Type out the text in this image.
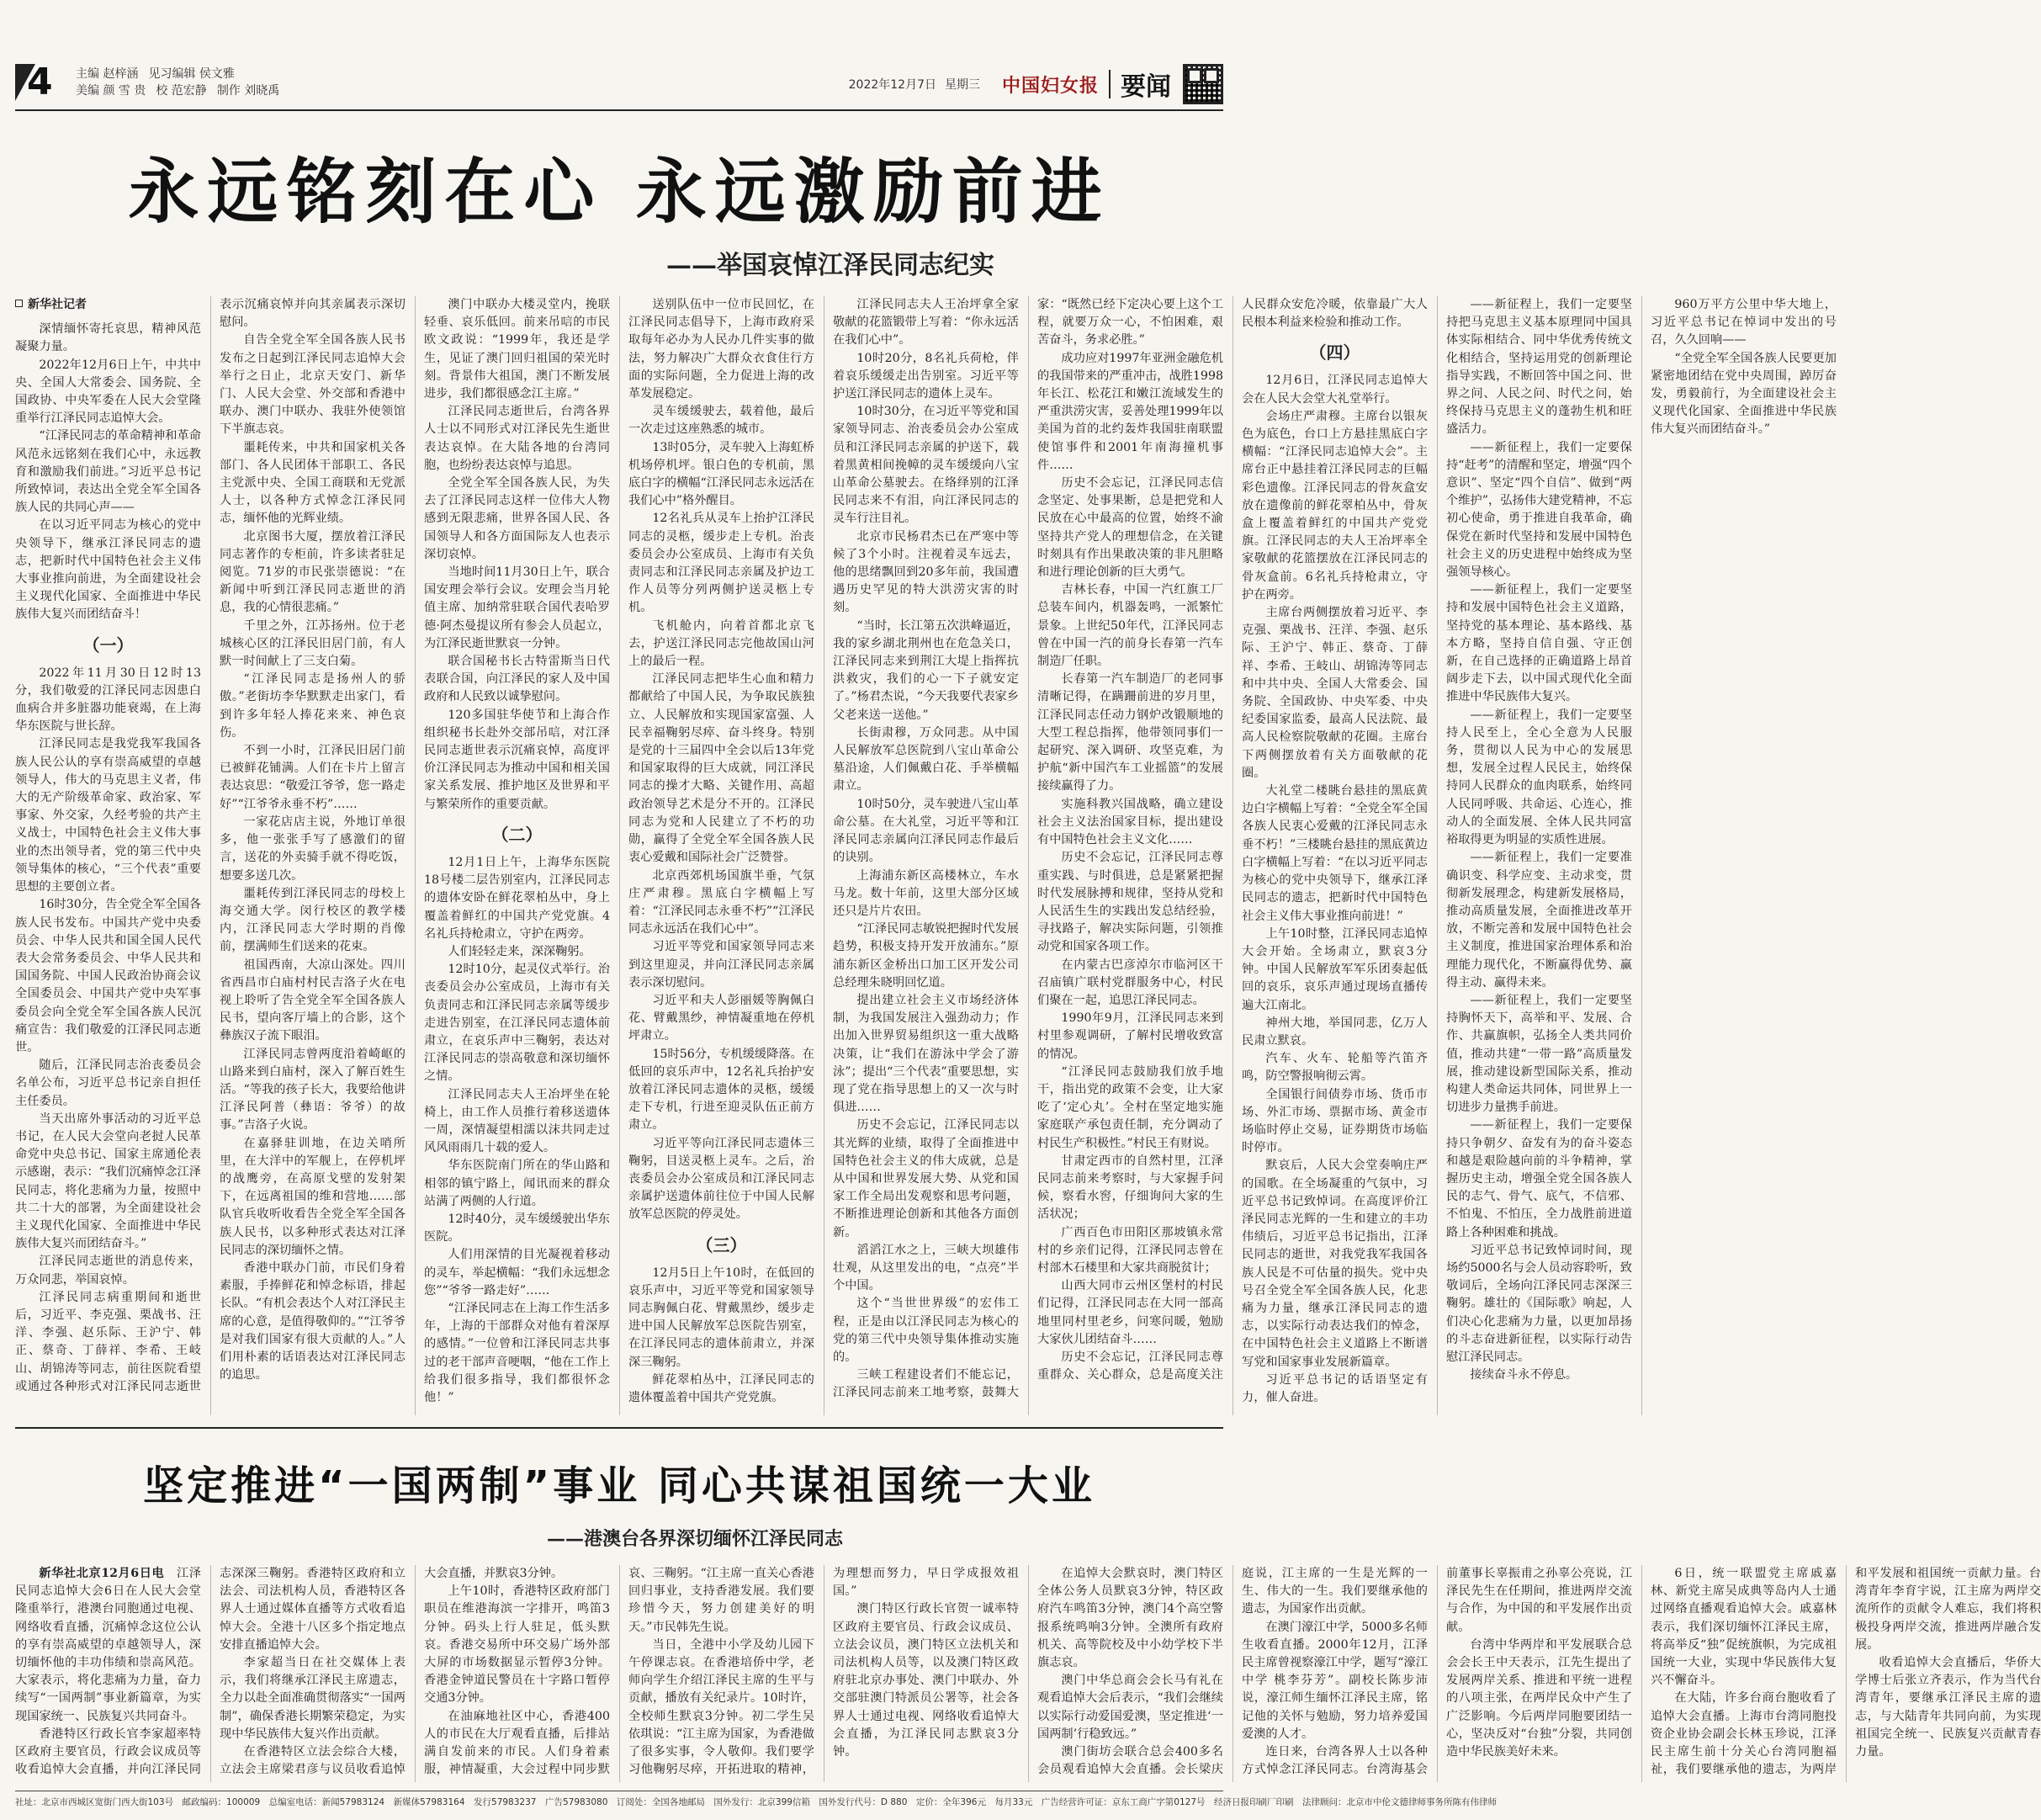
4 主编 赵梓涵 见习编辑 侯文雅
美编 颜 雪 贵 校 范宏静 制作 刘晓禹	2022年12月7日 星期三 中国妇女报 要闻
永远铭刻在心 永远激励前进
——举国哀悼江泽民同志纪实
新华社记者

深情缅怀寄托哀思，精神风范凝聚力量。

2022年12月6日上午，中共中央、全国人大常委会、国务院、全国政协、中央军委在人民大会堂隆重举行江泽民同志追悼大会。

“江泽民同志的革命精神和革命风范永远铭刻在我们心中，永远教育和激励我们前进。”习近平总书记所致悼词，表达出全党全军全国各族人民的共同心声——

在以习近平同志为核心的党中央领导下，继承江泽民同志的遗志，把新时代中国特色社会主义伟大事业推向前进，为全面建设社会主义现代化国家、全面推进中华民族伟大复兴而团结奋斗！

（一）

2022年11月30日12时13分，我们敬爱的江泽民同志因患白血病合并多脏器功能衰竭，在上海华东医院与世长辞。

江泽民同志是我党我军我国各族人民公认的享有崇高威望的卓越领导人，伟大的马克思主义者，伟大的无产阶级革命家、政治家、军事家、外交家，久经考验的共产主义战士，中国特色社会主义伟大事业的杰出领导者，党的第三代中央领导集体的核心，“三个代表”重要思想的主要创立者。

16时30分，告全党全军全国各族人民书发布。中国共产党中央委员会、中华人民共和国全国人民代表大会常务委员会、中华人民共和国国务院、中国人民政治协商会议全国委员会、中国共产党中央军事委员会向全党全军全国各族人民沉痛宣告：我们敬爱的江泽民同志逝世。

随后，江泽民同志治丧委员会名单公布，习近平总书记亲自担任主任委员。

当天出席外事活动的习近平总书记，在人民大会堂向老挝人民革命党中央总书记、国家主席通伦表示感谢，表示：“我们沉痛悼念江泽民同志，将化悲痛为力量，按照中共二十大的部署，为全面建设社会主义现代化国家、全面推进中华民族伟大复兴而团结奋斗。”

江泽民同志逝世的消息传来，万众同悲，举国哀悼。

江泽民同志病重期间和逝世后，习近平、李克强、栗战书、汪洋、李强、赵乐际、王沪宁、韩正、蔡奇、丁薛祥、李希、王岐山、胡锦涛等同志，前往医院看望或通过各种形式对江泽民同志逝世表示沉痛哀悼并向其亲属表示深切慰问。

自告全党全军全国各族人民书发布之日起到江泽民同志追悼大会举行之日止，北京天安门、新华门、人民大会堂、外交部和香港中联办、澳门中联办、我驻外使领馆下半旗志哀。

噩耗传来，中共和国家机关各部门、各人民团体干部职工、各民主党派中央、全国工商联和无党派人士，以各种方式悼念江泽民同志，缅怀他的光辉业绩。

北京图书大厦，摆放着江泽民同志著作的专柜前，许多读者驻足阅览。71岁的市民张崇德说：“在新闻中听到江泽民同志逝世的消息，我的心情很悲痛。”

千里之外，江苏扬州。位于老城核心区的江泽民旧居门前，有人默一时间献上了三支白菊。

“江泽民同志是扬州人的骄傲。”老街坊李华默默走出家门，看到许多年轻人捧花来来、神色哀伤。

不到一小时，江泽民旧居门前已被鲜花铺满。人们在卡片上留言表达哀思：“敬爱江爷爷，您一路走好”“江爷爷永垂不朽”……

一家花店店主说，外地订单很多，他一张张手写了感激们的留言，送花的外卖骑手就不得吃饭，想要多送几次。

噩耗传到江泽民同志的母校上海交通大学。闵行校区的教学楼内，江泽民同志大学时期的肖像前，摆满师生们送来的花束。

祖国西南，大凉山深处。四川省西昌市白庙村村民吉洛子火在电视上聆听了告全党全军全国各族人民书，望向客厅墙上的合影，这个彝族汉子流下眼泪。

江泽民同志曾两度沿着崎岖的山路来到白庙村，深入了解百姓生活。“等我的孩子长大，我要给他讲江泽民阿普（彝语：爷爷）的故事。”吉洛子火说。

在嘉驿驻训地，在边关哨所里，在大洋中的军舰上，在停机坪的战鹰旁，在高原戈壁的发射架下，在远离祖国的维和营地……部队官兵收听收看告全党全军全国各族人民书，以多种形式表达对江泽民同志的深切缅怀之情。

香港中联办门前，市民们身着素服，手捧鲜花和悼念标语，排起长队。“有机会表达个人对江泽民主席的心意，是值得敬仰的。”“江爷爷是对我们国家有很大贡献的人。”人们用朴素的话语表达对江泽民同志的追思。

澳门中联办大楼灵堂内，挽联轻垂、哀乐低回。前来吊唁的市民欧文政说：“1999年，我还是学生，见证了澳门回归祖国的荣光时刻。背景伟大祖国，澳门不断发展进步，我们都很感念江主席。”

江泽民同志逝世后，台湾各界人士以不同形式对江泽民先生逝世表达哀悼。在大陆各地的台湾同胞，也纷纷表达哀悼与追思。

全党全军全国各族人民，为失去了江泽民同志这样一位伟大人物感到无限悲痛，世界各国人民、各国领导人和各方面国际友人也表示深切哀悼。

当地时间11月30日上午，联合国安理会举行会议。安理会当月轮值主席、加纳常驻联合国代表哈罗德·阿杰曼提议所有参会人员起立，为江泽民逝世默哀一分钟。

联合国秘书长古特雷斯当日代表联合国，向江泽民的家人及中国政府和人民致以诚挚慰问。

120多国驻华使节和上海合作组织秘书长赴外交部吊唁，对江泽民同志逝世表示沉痛哀悼，高度评价江泽民同志为推动中国和相关国家关系发展、推护地区及世界和平与繁荣所作的重要贡献。

（二）

12月1日上午，上海华东医院18号楼二层告别室内，江泽民同志的遗体安卧在鲜花翠柏丛中，身上覆盖着鲜红的中国共产党党旗。4名礼兵持枪肃立，守护在两旁。

人们轻轻走来，深深鞠躬。

12时10分，起灵仪式举行。治丧委员会办公室成员，上海市有关负责同志和江泽民同志亲属等缓步走进告别室，在江泽民同志遗体前肃立，在哀乐声中三鞠躬，表达对江泽民同志的崇高敬意和深切缅怀之情。

江泽民同志夫人王冶坪坐在轮椅上，由工作人员推行着移送遗体一周，深情凝望相濡以沫共同走过风风雨雨几十载的爱人。

华东医院南门所在的华山路和相邻的镇宁路上，闻讯而来的群众站满了两侧的人行道。

12时40分，灵车缓缓驶出华东医院。

人们用深情的目光凝视着移动的灵车，举起横幅：“我们永远想念您”“爷爷一路走好”……

“江泽民同志在上海工作生活多年，上海的干部群众对他有着深厚的感情。”一位曾和江泽民同志共事过的老干部声音哽咽，“他在工作上给我们很多指导，我们都很怀念他！”

送别队伍中一位市民回忆，在江泽民同志倡导下，上海市政府采取每年必办为人民办几件实事的做法，努力解决广大群众衣食住行方面的实际问题，全力促进上海的改革发展稳定。

灵车缓缓驶去，载着他，最后一次走过这座熟悉的城市。

13时05分，灵车驶入上海虹桥机场停机坪。银白色的专机前，黑底白字的横幅“江泽民同志永远活在我们心中”格外醒目。

12名礼兵从灵车上抬护江泽民同志的灵柩，缓步走上专机。治丧委员会办公室成员、上海市有关负责同志和江泽民同志亲属及护边工作人员等分列两侧护送灵柩上专机。

飞机舱内，向着首都北京飞去，护送江泽民同志完他故国山河上的最后一程。

江泽民同志把毕生心血和精力都献给了中国人民，为争取民族独立、人民解放和实现国家富强、人民幸福鞠躬尽瘁、奋斗终身。特别是党的十三届四中全会以后13年党和国家取得的巨大成就，同江泽民同志的操才大略、关键作用、高超政治领导艺术是分不开的。江泽民同志为党和人民建立了不朽的功勋，赢得了全党全军全国各族人民衷心爱戴和国际社会广泛赞誉。

北京西郊机场国旗半垂，气氛庄严肃穆。黑底白字横幅上写着：“江泽民同志永垂不朽”“江泽民同志永远活在我们心中”。

习近平等党和国家领导同志来到这里迎灵，并向江泽民同志亲属表示深切慰问。

习近平和夫人彭丽媛等胸佩白花、臂戴黑纱，神情凝重地在停机坪肃立。

15时56分，专机缓缓降落。在低回的哀乐声中，12名礼兵抬护安放着江泽民同志遗体的灵柩，缓缓走下专机，行进至迎灵队伍正前方肃立。

习近平等向江泽民同志遗体三鞠躬，目送灵柩上灵车。之后，治丧委员会办公室成员和江泽民同志亲属护送遗体前往位于中国人民解放军总医院的停灵处。

（三）

12月5日上午10时，在低回的哀乐声中，习近平等党和国家领导同志胸佩白花、臂戴黑纱，缓步走进中国人民解放军总医院告别室，在江泽民同志的遗体前肃立，并深深三鞠躬。

鲜花翠柏丛中，江泽民同志的遗体覆盖着中国共产党党旗。

江泽民同志夫人王冶坪拿全家敬献的花篮锻带上写着：“你永远活在我们心中”。

10时20分，8名礼兵荷枪，伴着哀乐缓缓走出告别室。习近平等护送江泽民同志的遗体上灵车。

10时30分，在习近平等党和国家领导同志、治丧委员会办公室成员和江泽民同志亲属的护送下，载着黑黄相间挽幛的灵车缓缓向八宝山革命公墓驶去。在络绎别的江泽民同志来不有泪，向江泽民同志的灵车行注目礼。

北京市民杨君杰已在严寒中等候了3个小时。注视着灵车远去，他的思绪飘回到20多年前，我国遭遇历史罕见的特大洪涝灾害的时刻。

“当时，长江第五次洪峰逼近，我的家乡湖北荆州也在危急关口，江泽民同志来到荆江大堤上指挥抗洪救灾，我们的心一下子就安定了。”杨君杰说，“今天我要代表家乡父老来送一送他。”

长街肃穆，万众同悲。从中国人民解放军总医院到八宝山革命公墓沿途，人们佩戴白花、手举横幅肃立。

10时50分，灵车驶进八宝山革命公墓。在大礼堂，习近平等和江泽民同志亲属向江泽民同志作最后的诀别。

上海浦东新区高楼林立，车水马龙。数十年前，这里大部分区域还只是片片农田。

“江泽民同志敏锐把握时代发展趋势，积极支持开发开放浦东。”原浦东新区金桥出口加工区开发公司总经理朱晓明回忆道。

提出建立社会主义市场经济体制，为我国发展注入强劲动力；作出加入世界贸易组织这一重大战略决策，让“我们在游泳中学会了游泳”；提出“三个代表”重要思想，实现了党在指导思想上的又一次与时俱进……

历史不会忘记，江泽民同志以其光辉的业绩，取得了全面推进中国特色社会主义的伟大成就，总是从中国和世界发展大势、从党和国家工作全局出发观察和思考问题，不断推进理论创新和其他各方面创新。

滔滔江水之上，三峡大坝雄伟壮观，从这里发出的电，“点亮”半个中国。

这个“当世世界级”的宏伟工程，正是由以江泽民同志为核心的党的第三代中央领导集体推动实施的。

三峡工程建设者们不能忘记，江泽民同志前来工地考察，鼓舞大家：“既然已经下定决心要上这个工程，就要万众一心，不怕困难，艰苦奋斗，务求必胜。”

成功应对1997年亚洲金融危机的我国带来的严重冲击，战胜1998年长江、松花江和嫩江流域发生的严重洪涝灾害，妥善处理1999年以美国为首的北约轰炸我国驻南联盟使馆事件和2001年南海撞机事件……

历史不会忘记，江泽民同志信念坚定、处事果断，总是把党和人民放在心中最高的位置，始终不渝坚持共产党人的理想信念，在关键时刻具有作出果敢决策的非凡胆略和进行理论创新的巨大勇气。

吉林长春，中国一汽红旗工厂总装车间内，机器轰鸣，一派繁忙景象。上世纪50年代，江泽民同志曾在中国一汽的前身长春第一汽车制造厂任职。

长春第一汽车制造厂的老同事清晰记得，在蹒跚前进的岁月里，江泽民同志任动力钢炉改锻顺地的大型工程总指挥，他带领同事们一起研究、深入调研、攻坚克难，为护航“新中国汽车工业摇篮”的发展接续赢得了力。

实施科教兴国战略，确立建设社会主义法治国家目标，提出建设有中国特色社会主义文化……

历史不会忘记，江泽民同志尊重实践、与时俱进，总是紧紧把握时代发展脉搏和规律，坚持从党和人民活生生的实践出发总结经验，寻找路子，解决实际问题，引领推动党和国家各项工作。

在内蒙古巴彦淖尔市临河区干召庙镇广联村党群服务中心，村民们聚在一起，追思江泽民同志。

1990年9月，江泽民同志来到村里参观调研，了解村民增收致富的情况。

“江泽民同志鼓励我们放手地干，指出党的政策不会变，让大家吃了‘定心丸’。全村在坚定地实施家庭联产承包责任制，充分调动了村民生产积极性。”村民王有财说。

甘肃定西市的自然村里，江泽民同志前来考察时，与大家握手问候，察看水窖，仔细询问大家的生活状况；

广西百色市田阳区那坡镇永常村的乡亲们记得，江泽民同志曾在村部木石楼里和大家共商脱贫计；

山西大同市云州区堡村的村民们记得，江泽民同志在大同一部高地里同村里老乡，问寒问暖，勉励大家伙儿团结奋斗……

历史不会忘记，江泽民同志尊重群众、关心群众，总是高度关注人民群众安危冷暖，依靠最广大人民根本利益来检验和推动工作。

（四）

12月6日，江泽民同志追悼大会在人民大会堂大礼堂举行。

会场庄严肃穆。主席台以银灰色为底色，台口上方悬挂黑底白字横幅：“江泽民同志追悼大会”。主席台正中悬挂着江泽民同志的巨幅彩色遗像。江泽民同志的骨灰盒安放在遗像前的鲜花翠柏丛中，骨灰盒上覆盖着鲜红的中国共产党党旗。江泽民同志的夫人王冶坪率全家敬献的花篮摆放在江泽民同志的骨灰盒前。6名礼兵持枪肃立，守护在两旁。

主席台两侧摆放着习近平、李克强、栗战书、汪洋、李强、赵乐际、王沪宁、韩正、蔡奇、丁薛祥、李希、王岐山、胡锦涛等同志和中共中央、全国人大常委会、国务院、全国政协、中央军委、中央纪委国家监委，最高人民法院、最高人民检察院敬献的花圈。主席台下两侧摆放着有关方面敬献的花圈。

大礼堂二楼眺台悬挂的黑底黄边白字横幅上写着：“全党全军全国各族人民衷心爱戴的江泽民同志永垂不朽！”三楼眺台悬挂的黑底黄边白字横幅上写着：“在以习近平同志为核心的党中央领导下，继承江泽民同志的遗志，把新时代中国特色社会主义伟大事业推向前进！”

上午10时整，江泽民同志追悼大会开始。全场肃立，默哀3分钟。中国人民解放军军乐团奏起低回的哀乐，哀乐声通过现场直播传遍大江南北。

神州大地，举国同悲，亿万人民肃立默哀。

汽车、火车、轮船等汽笛齐鸣，防空警报响彻云霄。

全国银行间债券市场、货币市场、外汇市场、票据市场、黄金市场临时停止交易，证券期货市场临时停市。

默哀后，人民大会堂奏响庄严的国歌。在全场凝重的气氛中，习近平总书记致悼词。在高度评价江泽民同志光辉的一生和建立的丰功伟绩后，习近平总书记指出，江泽民同志的逝世，对我党我军我国各族人民是不可估量的损失。党中央号召全党全军全国各族人民，化悲痛为力量，继承江泽民同志的遗志，以实际行动表达我们的悼念，在中国特色社会主义道路上不断谱写党和国家事业发展新篇章。

习近平总书记的话语坚定有力，催人奋进。

——新征程上，我们一定要坚持把马克思主义基本原理同中国具体实际相结合、同中华优秀传统文化相结合，坚持运用党的创新理论指导实践，不断回答中国之问、世界之问、人民之问、时代之问，始终保持马克思主义的蓬勃生机和旺盛活力。

——新征程上，我们一定要保持“赶考”的清醒和坚定，增强“四个意识”、坚定“四个自信”、做到“两个维护”，弘扬伟大建党精神，不忘初心使命，勇于推进自我革命，确保党在新时代坚持和发展中国特色社会主义的历史进程中始终成为坚强领导核心。

——新征程上，我们一定要坚持和发展中国特色社会主义道路，坚持党的基本理论、基本路线、基本方略，坚持自信自强、守正创新，在自己选择的正确道路上昂首阔步走下去，以中国式现代化全面推进中华民族伟大复兴。

——新征程上，我们一定要坚持人民至上，全心全意为人民服务，贯彻以人民为中心的发展思想，发展全过程人民民主，始终保持同人民群众的血肉联系，始终同人民同呼吸、共命运、心连心，推动人的全面发展、全体人民共同富裕取得更为明显的实质性进展。

——新征程上，我们一定要准确识变、科学应变、主动求变，贯彻新发展理念，构建新发展格局，推动高质量发展，全面推进改革开放，不断完善和发展中国特色社会主义制度，推进国家治理体系和治理能力现代化，不断赢得优势、赢得主动、赢得未来。

——新征程上，我们一定要坚持胸怀天下，高举和平、发展、合作、共赢旗帜，弘扬全人类共同价值，推动共建“一带一路”高质量发展，推动建设新型国际关系，推动构建人类命运共同体，同世界上一切进步力量携手前进。

——新征程上，我们一定要保持只争朝夕、奋发有为的奋斗姿态和越是艰险越向前的斗争精神，掌握历史主动，增强全党全国各族人民的志气、骨气、底气，不信邪、不怕鬼、不怕压，全力战胜前进道路上各种困难和挑战。

习近平总书记致悼词时间，现场约5000名与会人员动容聆听，致敬词后，全场向江泽民同志深深三鞠躬。雄壮的《国际歌》响起，人们决心化悲痛为力量，以更加昂扬的斗志奋进新征程，以实际行动告慰江泽民同志。

接续奋斗永不停息。

960万平方公里中华大地上，习近平总书记在悼词中发出的号召，久久回响——

“全党全军全国各族人民要更加紧密地团结在党中央周围，踔厉奋发，勇毅前行，为全面建设社会主义现代化国家、全面推进中华民族伟大复兴而团结奋斗。”

坚定推进“一国两制”事业 同心共谋祖国统一大业
——港澳台各界深切缅怀江泽民同志

新华社北京12月6日电　 江泽民同志追悼大会6日在人民大会堂隆重举行，港澳台同胞通过电视、网络收看直播，沉痛悼念这位公认的享有崇高威望的卓越领导人，深切缅怀他的丰功伟绩和崇高风范。大家表示，将化悲痛为力量，奋力续写“一国两制”事业新篇章，为实现国家统一、民族复兴共同奋斗。

香港特区行政长官李家超率特区政府主要官员，行政会议成员等收看追悼大会直播，并向江泽民同志深深三鞠躬。香港特区政府和立法会、司法机构人员，香港特区各界人士通过媒体直播等方式收看追悼大会。全港十八区多个指定地点安排直播追悼大会。

李家超当日在社交媒体上表示，我们将继承江泽民主席遗志，全力以赴全面准确贯彻落实“一国两制”，确保香港长期繁荣稳定，为实现中华民族伟大复兴作出贡献。

在香港特区立法会综合大楼，立法会主席梁君彦与议员收看追悼大会直播，并默哀3分钟。

上午10时，香港特区政府部门职员在维港海滨一字排开，鸣笛3分钟。码头上行人驻足，低头默哀。香港交易所中环交易广场外部大屏的市场数据显示暂停3分钟。香港金钟道民警员在十字路口暂停交通3分钟。

在油麻地社区中心，香港400人的市民在大厅观看直播，后排站满自发前来的市民。人们身着素服，神情凝重，大会过程中同步默哀、三鞠躬。“江主席一直关心香港回归事业，支持香港发展。我们要珍惜今天，努力创建美好的明天。”市民韩先生说。

当日，全港中小学及幼儿园下午停课志哀。在香港培侨中学，老师向学生介绍江泽民主席的生平与贡献，播放有关纪录片。10时许，全校师生默哀3分钟。初二学生吴依琪说：“江主席为国家，为香港做了很多实事，令人敬仰。我们要学习他鞠躬尽瘁，开拓进取的精神，为理想而努力，早日学成报效祖国。”

澳门特区行政长官贺一诚率特区政府主要官员、行政会议成员、立法会议员，澳门特区立法机关和司法机构人员等，以及澳门特区政府驻北京办事处、澳门中联办、外交部驻澳门特派员公署等，社会各界人士通过电视、网络收看追悼大会直播，为江泽民同志默哀3分钟。

在追悼大会默哀时，澳门特区全体公务人员默哀3分钟，特区政府汽车鸣笛3分钟，澳门4个高空警报系统鸣响3分钟。全澳所有政府机关、高等院校及中小幼学校下半旗志哀。

澳门中华总商会会长马有礼在观看追悼大会后表示，“我们会继续以实际行动爱国爱澳，坚定推进‘一国两制’行稳致远。”

澳门街坊会联合总会400多名会员观看追悼大会直播。会长梁庆庭说，江主席的一生是光辉的一生、伟大的一生。我们要继承他的遗志，为国家作出贡献。

在澳门濠江中学，5000多名师生收看直播。2000年12月，江泽民主席曾视察濠江中学，题写“濠江中学 桃李芬芳”。副校长陈步沛说，濠江师生缅怀江泽民主席，铭记他的关怀与勉励，努力培养爱国爱澳的人才。

连日来，台湾各界人士以各种方式悼念江泽民同志。台湾海基会前董事长辜振甫之孙辜公亮说，江泽民先生在任期间，推进两岸交流与合作，为中国的和平发展作出贡献。

台湾中华两岸和平发展联合总会会长王中天表示，江先生提出了发展两岸关系、推进和平统一进程的八项主张，在两岸民众中产生了广泛影响。今后两岸同胞要团结一心，坚决反对“台独”分裂，共同创造中华民族美好未来。

6日，统一联盟党主席戚嘉林、新党主席吴成典等岛内人士通过网络直播观看追悼大会。戚嘉林表示，我们深切缅怀江泽民主席，将高举反“独”促统旗帜，为完成祖国统一大业，实现中华民族伟大复兴不懈奋斗。

在大陆，许多台商台胞收看了追悼大会直播。上海市台湾同胞投资企业协会副会长林玉珍说，江泽民主席生前十分关心台湾同胞福祉，我们要继承他的遗志，为两岸和平发展和祖国统一贡献力量。台湾青年李育宇说，江主席为两岸交流所作的贡献令人难忘，我们将积极投身两岸交流，推进两岸融合发展。

收看追悼大会直播后，华侨大学博士后张立齐表示，作为当代台湾青年，要继承江泽民主席的遗志，与大陆青年共同向前，为实现祖国完全统一、民族复兴贡献青春力量。

社址：北京市西城区宽街门西大街103号　邮政编码：100009　总编室电话：新闻57983124　新媒体57983164　发行57983237　广告57983080　订阅处：全国各地邮局　国外发行：北京399信箱　国外发行代号：D 880　定价：全年396元　每月33元　广告经营许可证：京东工商广字第0127号　经济日报印刷厂印刷　法律顾问：北京市中伦文德律师事务所陈有伟律师
